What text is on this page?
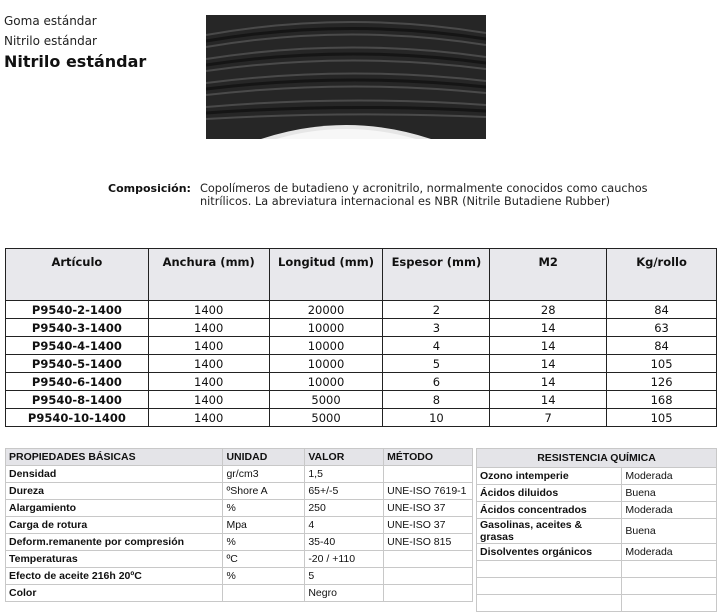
Goma estándar
Nitrilo estándar
Nitrilo estándar
Composición: Copolímeros de butadieno y acronitrilo, normalmente conocidos como cauchos nitrílicos. La abreviatura internacional es NBR (Nitrile Butadiene Rubber)
Artículo	Anchura (mm)	Longitud (mm)	Espesor (mm)	M2	Kg/rollo
P9540-2-1400	1400	20000	2	28	84
P9540-3-1400	1400	10000	3	14	63
P9540-4-1400	1400	10000	4	14	84
P9540-5-1400	1400	10000	5	14	105
P9540-6-1400	1400	10000	6	14	126
P9540-8-1400	1400	5000	8	14	168
P9540-10-1400	1400	5000	10	7	105
PROPIEDADES BÁSICAS	UNIDAD	VALOR	MÉTODO
Densidad	gr/cm3	1,5	
Dureza	ºShore A	65+/-5	UNE-ISO 7619-1
Alargamiento	%	250	UNE-ISO 37
Carga de rotura	Mpa	4	UNE-ISO 37
Deform.remanente por compresión	%	35-40	UNE-ISO 815
Temperaturas	ºC	-20 / +110	
Efecto de aceite 216h 20ºC	%	5	
Color		Negro	
RESISTENCIA QUÍMICA	
Ozono intemperie	Moderada
Ácidos diluidos	Buena
Ácidos concentrados	Moderada
Gasolinas, aceites & grasas	Buena
Disolventes orgánicos	Moderada
